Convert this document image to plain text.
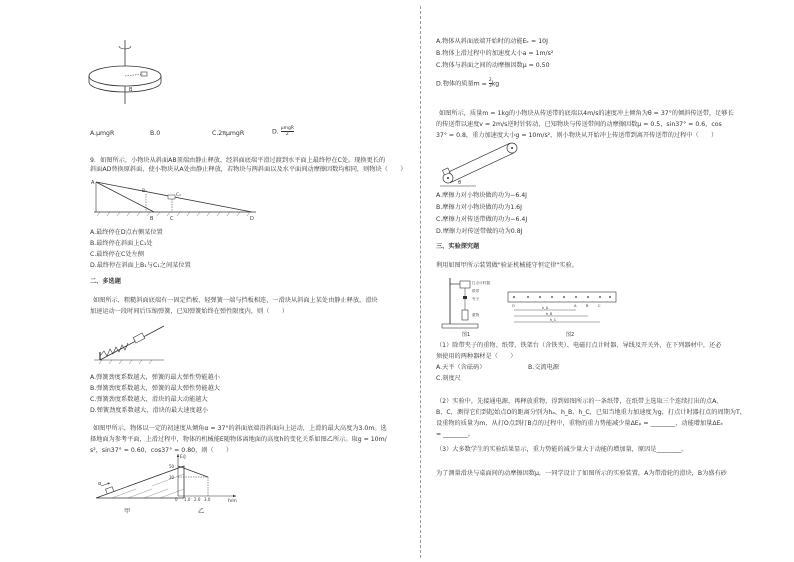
B
A.μmgR	B.0	C.2πμmgR	D. μmgR
2
9．如图所示，小物块从斜面AB顶端由静止释放，经斜面底端平滑过渡到水平面上最终停在C处。现换更长的
斜面AD替换原斜面，使小物块从A处由静止释放，若物块与两斜面以及水平面间动摩擦因数均相同，则物块（　　）
A
B	C	D
B₁
C₁
A.最终停在D点右侧某位置
B.最终停在斜面上C₁处
C.最终停在C处左侧
D.最终停在斜面上B₁与C₁之间某位置
二、多选题
如图所示，粗糙斜面底端有一固定挡板，轻弹簧一端与挡板相连，一滑块从斜面上某处由静止释放，滑块
加速运动一段时间后压缩弹簧，已知弹簧始终在弹性限度内，则（　　）
A.弹簧劲度系数越大，弹簧的最大弹性势能越小
B.弹簧劲度系数越大，弹簧的最大弹性势能越大
C.弹簧劲度系数越大，滑块的最大动能越大
D.弹簧劲度系数越大，滑块的最大速度越小
如图甲所示，物体以一定的初速度从倾角α = 37°的斜面底端沿斜面向上运动，上滑的最大高度为3.0m。选
择地面为参考平面，上滑过程中，物体的机械能E随物体离地面的高度h的变化关系如图乙所示。取g = 10m/
s²，sin37° = 0.60，cos37° = 0.80，则（　　）
α
E/J
h/m
50
30
0 1.0 2.0 3.0
甲	乙
A.物体从斜面底端开始时的动能Eₖ = 10J
B.物体上滑过程中的加速度大小a = 1m/s²
C.物体与斜面之间的动摩擦因数μ = 0.50
D.物体的质量$m = \frac{2}{3}$ kg
如图所示，质量m = 1kg的小物块从传送带的底端以4m/s的速度冲上倾角为θ = 37°的倾斜传送带，足够长
的传送带以速度v = 2m/s逆时针转动，已知物块与传送带间的动摩擦因数μ = 0.5，sin37° = 0.6，cos
37° = 0.8，重力加速度大小g = 10m/s²，则小物块从开始冲上传送带到离开传送带的过程中（　　）
θ
A.摩擦力对小物块做的功为−6.4J
B.摩擦力对小物块做的功为1.6J
C.摩擦力对传送带做的功为−6.4J
D.摩擦力对传送带做的功为0.8J
三、实验探究题
利用如图甲所示装置做"验证机械能守恒定律"实验。
打点计时器
纸带
夹子
重物
图1
O	A	B	C
h_A
h_B
h_C
图2
（1）除带夹子的重物、纸带、铁架台（含铁夹）、电磁打点计时器、导线及开关外，在下列器材中，还必
须使用的两种器材是（　　）
A.天平（含砝码）	B.交流电源
C.刻度尺
（2）实验中，先接通电源，再释放重物，得到如图所示的一条纸带，在纸带上选取三个连续打出的点A、
B、C，测得它们到起始点O的距离分别为hₐ、h_B、h_C，已知当地重力加速度为g，打点计时器打点的周期为T，
设重物的质量为m，从打O点到打B点的过程中，重物的重力势能减少量ΔEₚ = ________，动能增加量ΔEₖ
= ________。
（3）大多数学生的实验结果显示，重力势能的减少量大于动能的增加量，原因是________。
为了测量滑块与桌面间的动摩擦因数μ，一同学设计了如图所示的实验装置，A为带滑轮的滑块，B为盛有砂
